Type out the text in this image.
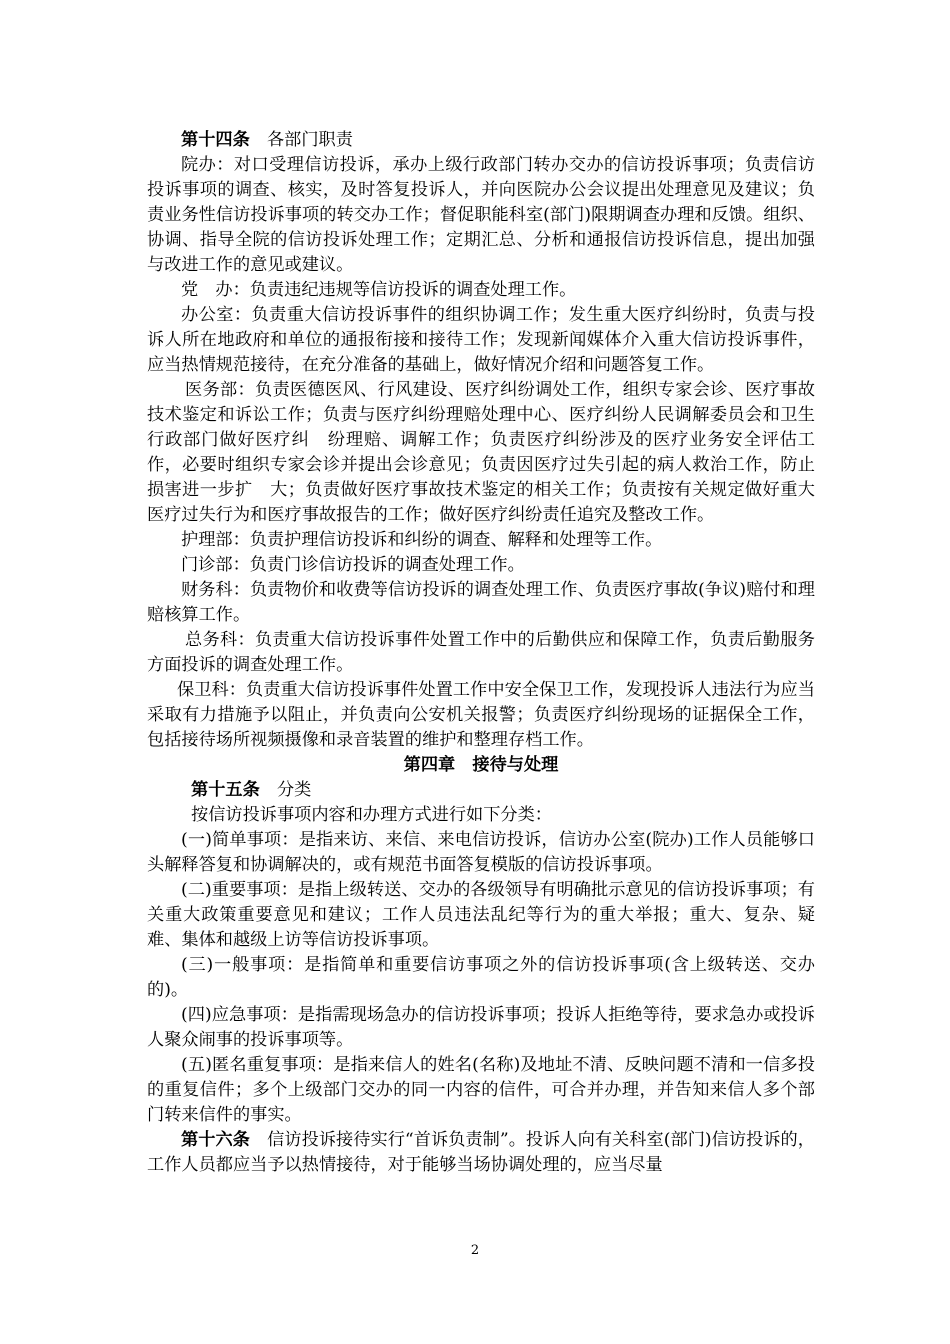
第十四条　 各部门职责

院办：对口受理信访投诉，承办上级行政部门转办交办的信访投诉事项；负责信访投诉事项的调查、核实，及时答复投诉人，并向医院办公会议提出处理意见及建议；负责业务性信访投诉事项的转交办工作；督促职能科室(部门)限期调查办理和反馈。组织、协调、指导全院的信访投诉处理工作；定期汇总、分析和通报信访投诉信息，提出加强与改进工作的意见或建议。

党　办：负责违纪违规等信访投诉的调查处理工作。

办公室：负责重大信访投诉事件的组织协调工作；发生重大医疗纠纷时，负责与投诉人所在地政府和单位的通报衔接和接待工作；发现新闻媒体介入重大信访投诉事件，应当热情规范接待，在充分准备的基础上，做好情况介绍和问题答复工作。

医务部：负责医德医风、行风建设、医疗纠纷调处工作，组织专家会诊、医疗事故技术鉴定和诉讼工作；负责与医疗纠纷理赔处理中心、医疗纠纷人民调解委员会和卫生行政部门做好医疗纠　纷理赔、调解工作；负责医疗纠纷涉及的医疗业务安全评估工作，必要时组织专家会诊并提出会诊意见；负责因医疗过失引起的病人救治工作，防止损害进一步扩　大；负责做好医疗事故技术鉴定的相关工作；负责按有关规定做好重大医疗过失行为和医疗事故报告的工作；做好医疗纠纷责任追究及整改工作。

护理部：负责护理信访投诉和纠纷的调查、解释和处理等工作。

门诊部：负责门诊信访投诉的调查处理工作。

财务科：负责物价和收费等信访投诉的调查处理工作、负责医疗事故(争议)赔付和理赔核算工作。

总务科：负责重大信访投诉事件处置工作中的后勤供应和保障工作，负责后勤服务方面投诉的调查处理工作。

保卫科：负责重大信访投诉事件处置工作中安全保卫工作，发现投诉人违法行为应当采取有力措施予以阻止，并负责向公安机关报警；负责医疗纠纷现场的证据保全工作，包括接待场所视频摄像和录音装置的维护和整理存档工作。

第四章　接待与处理

第十五条　 分类

按信访投诉事项内容和办理方式进行如下分类：

(一)简单事项：是指来访、来信、来电信访投诉，信访办公室(院办)工作人员能够口头解释答复和协调解决的，或有规范书面答复模版的信访投诉事项。

(二)重要事项：是指上级转送、交办的各级领导有明确批示意见的信访投诉事项；有关重大政策重要意见和建议；工作人员违法乱纪等行为的重大举报；重大、复杂、疑难、集体和越级上访等信访投诉事项。

(三)一般事项：是指简单和重要信访事项之外的信访投诉事项(含上级转送、交办的)。

(四)应急事项：是指需现场急办的信访投诉事项；投诉人拒绝等待，要求急办或投诉人聚众闹事的投诉事项等。

(五)匿名重复事项：是指来信人的姓名(名称)及地址不清、反映问题不清和一信多投的重复信件；多个上级部门交办的同一内容的信件，可合并办理，并告知来信人多个部门转来信件的事实。

第十六条　 信访投诉接待实行“首诉负责制”。投诉人向有关科室(部门)信访投诉的，工作人员都应当予以热情接待，对于能够当场协调处理的，应当尽量

2
